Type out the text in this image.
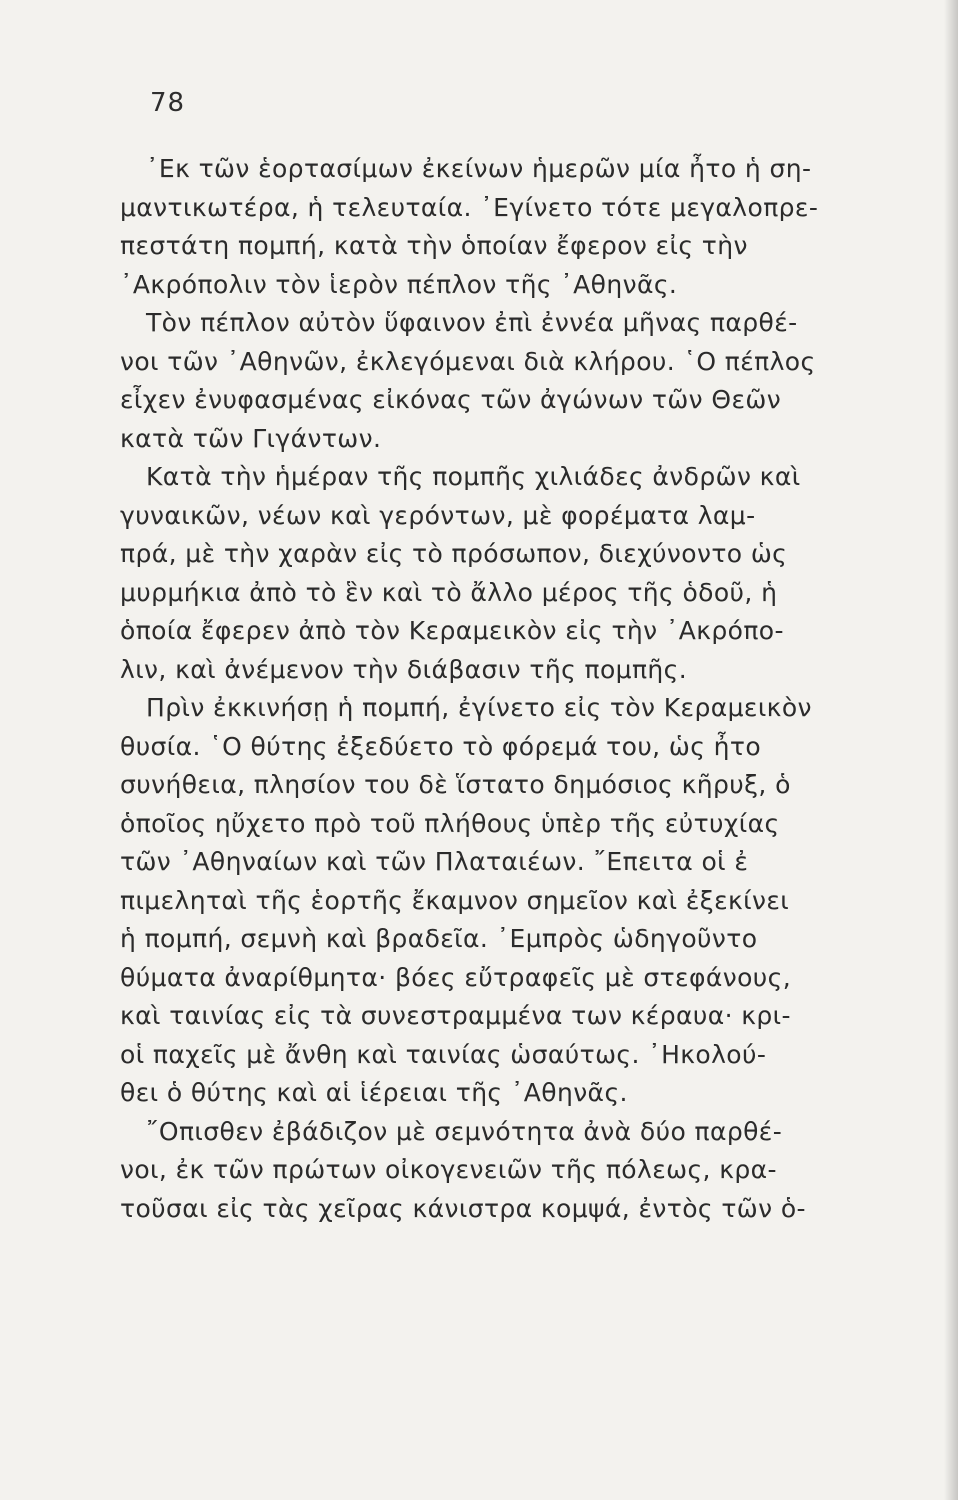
78
᾿Εκ τῶν ἑορτασίμων ἐκείνων ἡμερῶν μία ἦτο ἡ ση-
μαντικωτέρα, ἡ τελευταία. ᾿Εγίνετο τότε μεγαλοπρε-
πεστάτη πομπή, κατὰ τὴν ὁποίαν ἔφερον εἰς τὴν
᾿Ακρόπολιν τὸν ἱερὸν πέπλον τῆς ᾿Αθηνᾶς.
Τὸν πέπλον αὐτὸν ὕφαινον ἐπὶ ἐννέα μῆνας παρθέ-
νοι τῶν ᾿Αθηνῶν, ἐκλεγόμεναι διὰ κλήρου. ῾Ο πέπλος
εἶχεν ἐνυφασμένας εἰκόνας τῶν ἀγώνων τῶν Θεῶν
κατὰ τῶν Γιγάντων.
Κατὰ τὴν ἡμέραν τῆς πομπῆς χιλιάδες ἀνδρῶν καὶ
γυναικῶν, νέων καὶ γερόντων, μὲ φορέματα λαμ-
πρά, μὲ τὴν χαρὰν εἰς τὸ πρόσωπον, διεχύνοντο ὡς
μυρμήκια ἀπὸ τὸ ἓν καὶ τὸ ἄλλο μέρος τῆς ὁδοῦ, ἡ
ὁποία ἔφερεν ἀπὸ τὸν Κεραμεικὸν εἰς τὴν ᾿Ακρόπο-
λιν, καὶ ἀνέμενον τὴν διάβασιν τῆς πομπῆς.
Πρὶν ἐκκινήσῃ ἡ πομπή, ἐγίνετο εἰς τὸν Κεραμεικὸν
θυσία. ῾Ο θύτης ἐξεδύετο τὸ φόρεμά του, ὡς ἦτο
συνήθεια, πλησίον του δὲ ἵστατο δημόσιος κῆρυξ, ὁ
ὁποῖος ηὔχετο πρὸ τοῦ πλήθους ὑπὲρ τῆς εὐτυχίας
τῶν ᾿Αθηναίων καὶ τῶν Πλαταιέων. ῎Επειτα οἱ ἐ
πιμεληταὶ τῆς ἑορτῆς ἔκαμνον σημεῖον καὶ ἐξεκίνει
ἡ πομπή, σεμνὴ καὶ βραδεῖα. ᾿Εμπρὸς ὡδηγοῦντο
θύματα ἀναρίθμητα· βόες εὔτραφεῖς μὲ στεφάνους,
καὶ ταινίας εἰς τὰ συνεστραμμένα των κέραυα· κρι-
οἱ παχεῖς μὲ ἄνθη καὶ ταινίας ὡσαύτως. ᾿Ηκολού-
θει ὁ θύτης καὶ αἱ ἱέρειαι τῆς ᾿Αθηνᾶς.
῎Οπισθεν ἐβάδιζον μὲ σεμνότητα ἀνὰ δύο παρθέ-
νοι, ἐκ τῶν πρώτων οἰκογενειῶν τῆς πόλεως, κρα-
τοῦσαι εἰς τὰς χεῖρας κάνιστρα κομψά, ἐντὸς τῶν ὁ-
